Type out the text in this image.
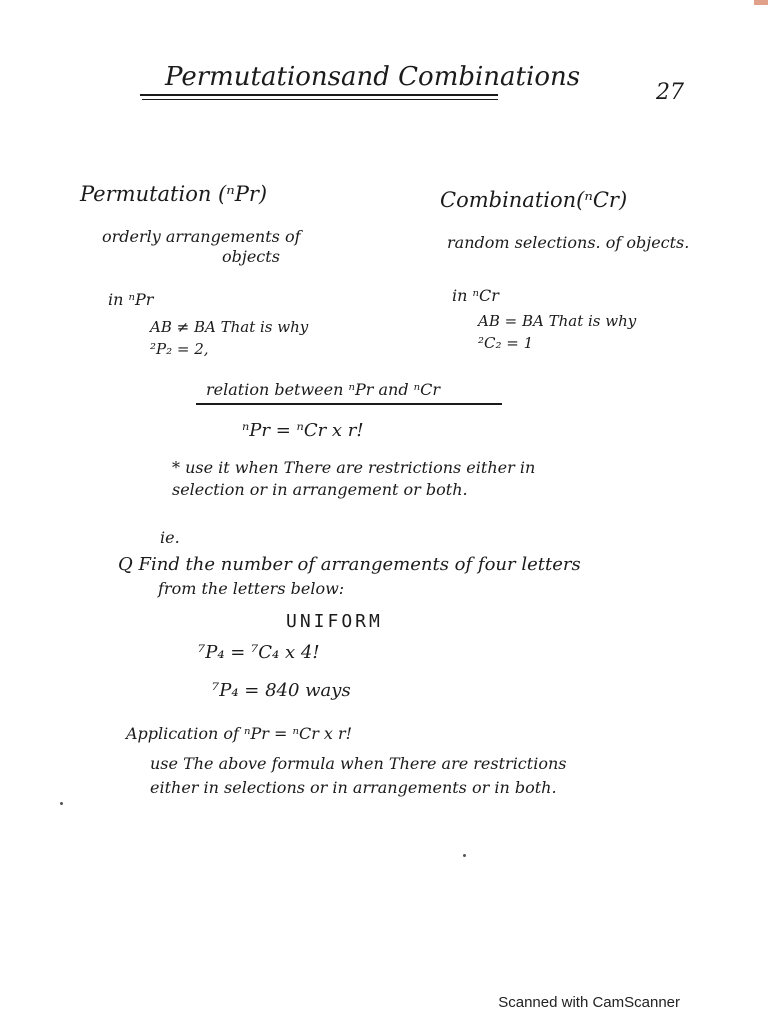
Permutationsand Combinations
27
Permutation (ⁿPr)
orderly arrangements of
objects
in ⁿPr
AB ≠ BA That is why
²P₂ = 2,
Combination(ⁿCr)
random selections. of objects.
in ⁿCr
AB = BA That is why
²C₂ = 1
relation between ⁿPr and ⁿCr
ⁿPr = ⁿCr x r!
* use it when There are restrictions either in
selection or in arrangement or both.
ie.
Q Find the number of arrangements of four letters
from the letters below:
UNIFORM
⁷P₄ = ⁷C₄ x 4!
⁷P₄ = 840 ways
Application of ⁿPr = ⁿCr x r!
use The above formula when There are restrictions
either in selections or in arrangements or in both.
Scanned with CamScanner
